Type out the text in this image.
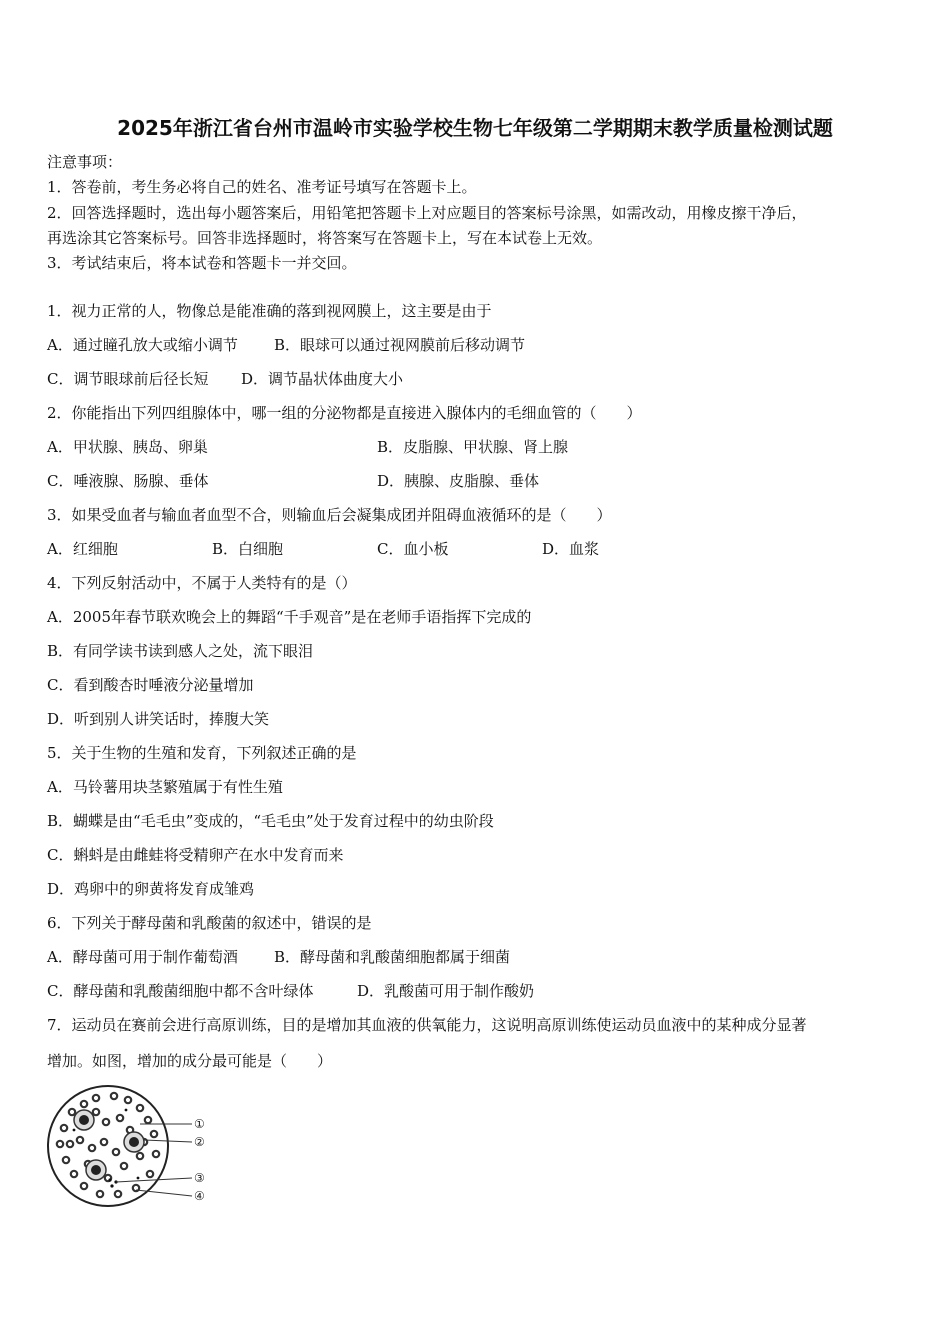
2025年浙江省台州市温岭市实验学校生物七年级第二学期期末教学质量检测试题
注意事项：
1．答卷前，考生务必将自己的姓名、准考证号填写在答题卡上。
2．回答选择题时，选出每小题答案后，用铅笔把答题卡上对应题目的答案标号涂黑，如需改动，用橡皮擦干净后，
再选涂其它答案标号。回答非选择题时，将答案写在答题卡上，写在本试卷上无效。
3．考试结束后，将本试卷和答题卡一并交回。
1．视力正常的人，物像总是能准确的落到视网膜上，这主要是由于
A．通过瞳孔放大或缩小调节 B．眼球可以通过视网膜前后移动调节
C．调节眼球前后径长短 D．调节晶状体曲度大小
2．你能指出下列四组腺体中，哪一组的分泌物都是直接进入腺体内的毛细血管的（　　）
A．甲状腺、胰岛、卵巢	B．皮脂腺、甲状腺、肾上腺
C．唾液腺、肠腺、垂体	D．胰腺、皮脂腺、垂体
3．如果受血者与输血者血型不合，则输血后会凝集成团并阻碍血液循环的是（　　）
A．红细胞	B．白细胞	C．血小板	D．血浆
4．下列反射活动中，不属于人类特有的是（）
A．2005年春节联欢晚会上的舞蹈“千手观音”是在老师手语指挥下完成的
B．有同学读书读到感人之处，流下眼泪
C．看到酸杏时唾液分泌量增加
D．听到别人讲笑话时，捧腹大笑
5．关于生物的生殖和发育，下列叙述正确的是
A．马铃薯用块茎繁殖属于有性生殖
B．蝴蝶是由“毛毛虫”变成的，“毛毛虫”处于发育过程中的幼虫阶段
C．蝌蚪是由雌蛙将受精卵产在水中发育而来
D．鸡卵中的卵黄将发育成雏鸡
6．下列关于酵母菌和乳酸菌的叙述中，错误的是
A．酵母菌可用于制作葡萄酒 B．酵母菌和乳酸菌细胞都属于细菌
C．酵母菌和乳酸菌细胞中都不含叶绿体	D．乳酸菌可用于制作酸奶
7．运动员在赛前会进行高原训练，目的是增加其血液的供氧能力，这说明高原训练使运动员血液中的某种成分显著
增加。如图，增加的成分最可能是（　　）
①
②
③
④
